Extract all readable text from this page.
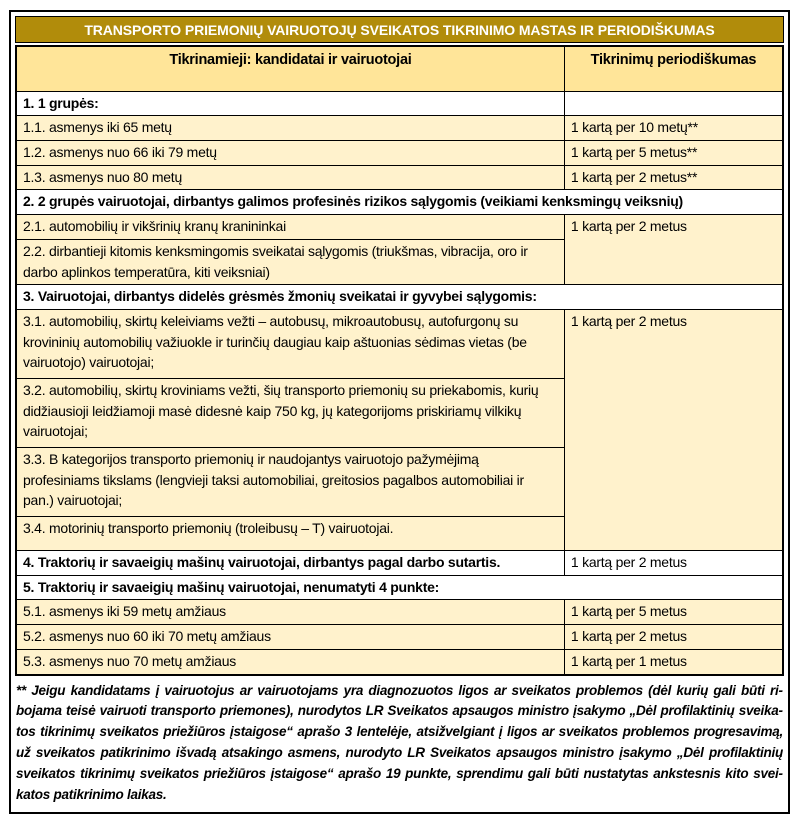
TRANSPORTO PRIEMONIŲ VAIRUOTOJŲ SVEIKATOS TIKRINIMO MASTAS IR PERIODIŠKUMAS
Tikrinamieji: kandidatai ir vairuotojai	Tikrinimų periodiškumas
1. 1 grupės:	
1.1. asmenys iki 65 metų	1 kartą per 10 metų**
1.2. asmenys nuo 66 iki 79 metų	1 kartą per 5 metus**
1.3. asmenys nuo 80 metų	1 kartą per 2 metus**
2. 2 grupės vairuotojai, dirbantys galimos profesinės rizikos sąlygomis (veikiami kenksmingų veiksnių)	
2.1. automobilių ir vikšrinių kranų kranininkai	1 kartą per 2 metus
2.2. dirbantieji kitomis kenksmingomis sveikatai sąlygomis (triukšmas, vibracija, oro ir darbo aplinkos temperatūra, kiti veiksniai)	
3. Vairuotojai, dirbantys didelės grėsmės žmonių sveikatai ir gyvybei sąlygomis:	
3.1. automobilių, skirtų keleiviams vežti – autobusų, mikroautobusų, autofurgonų su krovininių automobilių važiuokle ir turinčių daugiau kaip aštuonias sėdimas vietas (be vairuotojo) vairuotojai;	1 kartą per 2 metus
3.2. automobilių, skirtų kroviniams vežti, šių transporto priemonių su priekabomis, kurių didžiausioji leidžiamoji masė didesnė kaip 750 kg, jų kategorijoms priskiriamų vilkikų vairuotojai;	
3.3. B kategorijos transporto priemonių ir naudojantys vairuotojo pažymėjimą profesiniams tikslams (lengvieji taksi automobiliai, greitosios pagalbos automobiliai ir pan.) vairuotojai;	
3.4. motorinių transporto priemonių (troleibusų – T) vairuotojai.	
4. Traktorių ir savaeigių mašinų vairuotojai, dirbantys pagal darbo sutartis.	1 kartą per 2 metus
5. Traktorių ir savaeigių mašinų vairuotojai, nenumatyti 4 punkte:	
5.1. asmenys iki 59 metų amžiaus	1 kartą per 5 metus
5.2. asmenys nuo 60 iki 70 metų amžiaus	1 kartą per 2 metus
5.3. asmenys nuo 70 metų amžiaus	1 kartą per 1 metus
** Jeigu kandidatams į vairuotojus ar vairuotojams yra diagnozuotos ligos ar sveikatos problemos (dėl kurių gali būti ribojama teisė vairuoti transporto priemones), nurodytos LR Sveikatos apsaugos ministro įsakymo „Dėl profilaktinių sveikatos tikrinimų sveikatos priežiūros įstaigose“ aprašo 3 lentelėje, atsižvelgiant į ligos ar sveikatos problemos progresavimą, už sveikatos patikrinimo išvadą atsakingo asmens, nurodyto LR Sveikatos apsaugos ministro įsakymo „Dėl profilaktinių sveikatos tikrinimų sveikatos priežiūros įstaigose“ aprašo 19 punkte, sprendimu gali būti nustatytas ankstesnis kito sveikatos patikrinimo laikas.
